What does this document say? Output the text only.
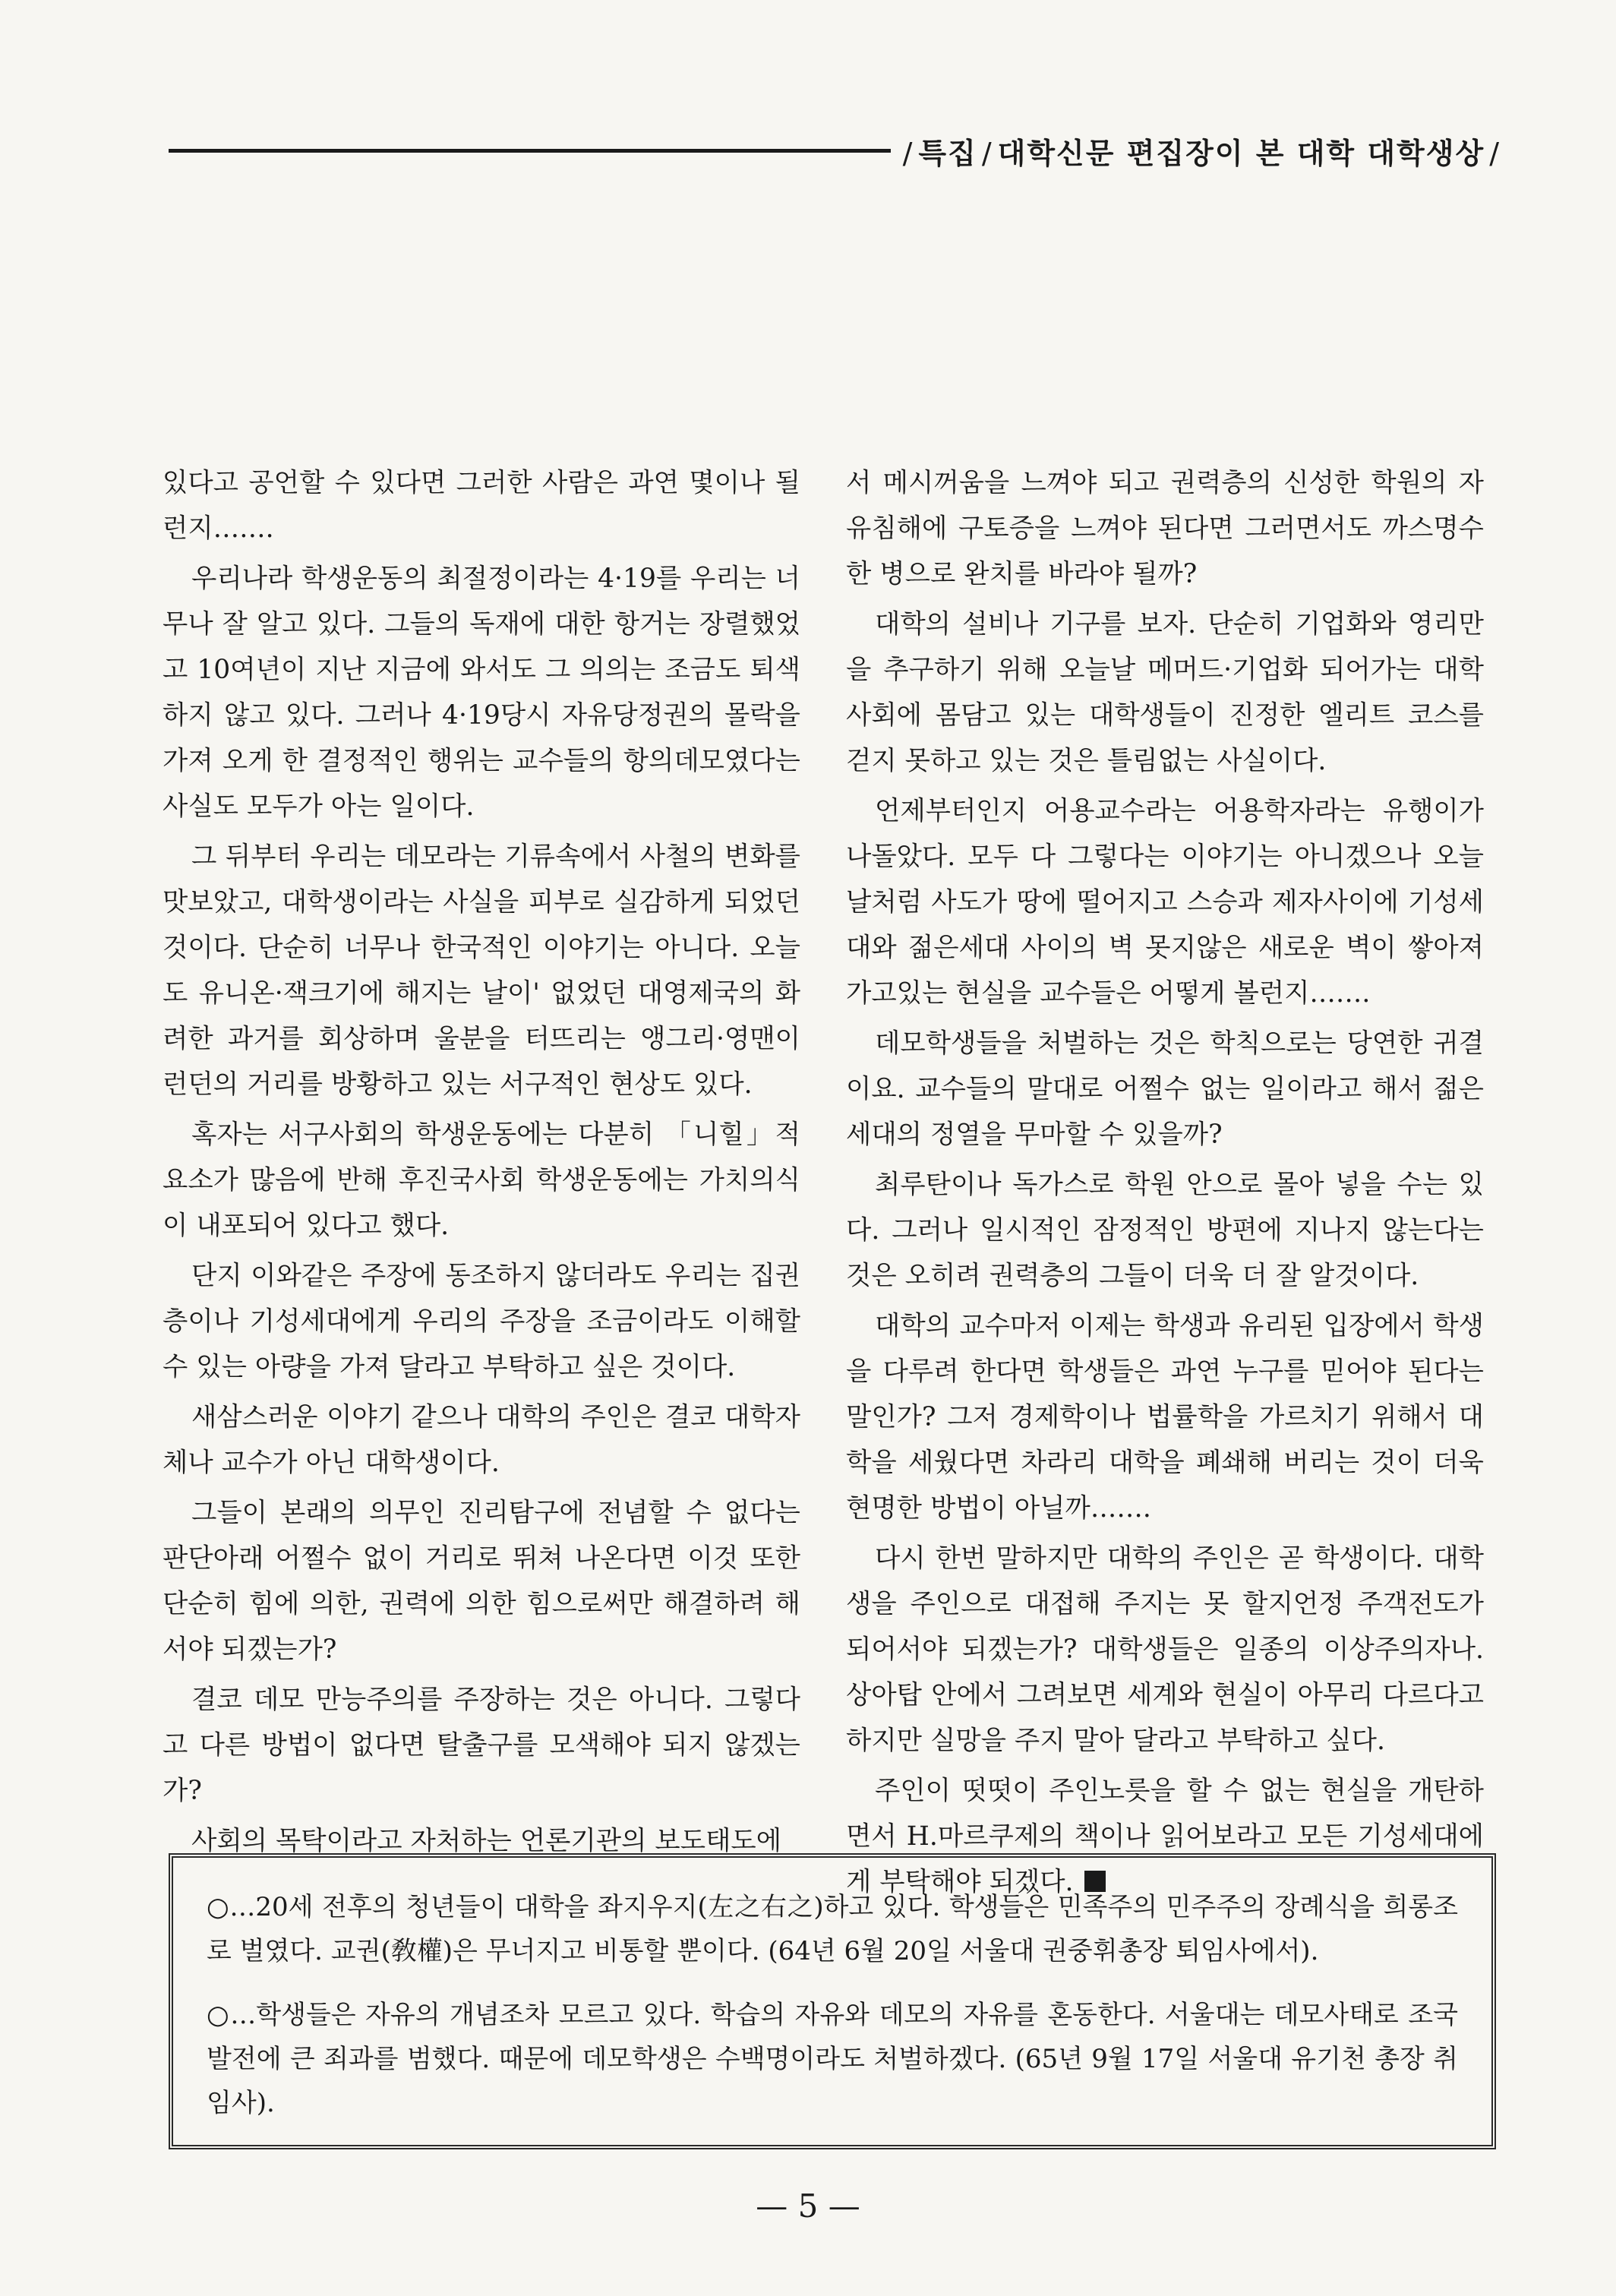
/ 특집 / 대학신문 편집장이 본 대학 대학생상 /

있다고 공언할 수 있다면 그러한 사람은 과연 몇이나 될런지…….

우리나라 학생운동의 최절정이라는 4·19를 우리는 너무나 잘 알고 있다. 그들의 독재에 대한 항거는 장렬했었고 10여년이 지난 지금에 와서도 그 의의는 조금도 퇴색하지 않고 있다. 그러나 4·19당시 자유당정권의 몰락을 가져 오게 한 결정적인 행위는 교수들의 항의데모였다는 사실도 모두가 아는 일이다.

그 뒤부터 우리는 데모라는 기류속에서 사철의 변화를 맛보았고, 대학생이라는 사실을 피부로 실감하게 되었던 것이다. 단순히 너무나 한국적인 이야기는 아니다. 오늘도 유니온·잭크기에 해지는 날이' 없었던 대영제국의 화려한 과거를 회상하며 울분을 터뜨리는 앵그리·영맨이 런던의 거리를 방황하고 있는 서구적인 현상도 있다.

혹자는 서구사회의 학생운동에는 다분히 「니힐」적 요소가 많음에 반해 후진국사회 학생운동에는 가치의식이 내포되어 있다고 했다.

단지 이와같은 주장에 동조하지 않더라도 우리는 집권층이나 기성세대에게 우리의 주장을 조금이라도 이해할 수 있는 아량을 가져 달라고 부탁하고 싶은 것이다.

새삼스러운 이야기 같으나 대학의 주인은 결코 대학자체나 교수가 아닌 대학생이다.

그들이 본래의 의무인 진리탐구에 전념할 수 없다는 판단아래 어쩔수 없이 거리로 뛰쳐 나온다면 이것 또한 단순히 힘에 의한, 권력에 의한 힘으로써만 해결하려 해서야 되겠는가?

결코 데모 만능주의를 주장하는 것은 아니다. 그렇다고 다른 방법이 없다면 탈출구를 모색해야 되지 않겠는가?

사회의 목탁이라고 자처하는 언론기관의 보도태도에

서 메시꺼움을 느껴야 되고 권력층의 신성한 학원의 자유침해에 구토증을 느껴야 된다면 그러면서도 까스명수 한 병으로 완치를 바라야 될까?

대학의 설비나 기구를 보자. 단순히 기업화와 영리만을 추구하기 위해 오늘날 메머드·기업화 되어가는 대학사회에 몸담고 있는 대학생들이 진정한 엘리트 코스를 걷지 못하고 있는 것은 틀림없는 사실이다.

언제부터인지 어용교수라는 어용학자라는 유행이가 나돌았다. 모두 다 그렇다는 이야기는 아니겠으나 오늘날처럼 사도가 땅에 떨어지고 스승과 제자사이에 기성세대와 젊은세대 사이의 벽 못지않은 새로운 벽이 쌓아져 가고있는 현실을 교수들은 어떻게 볼런지…….

데모학생들을 처벌하는 것은 학칙으로는 당연한 귀결이요. 교수들의 말대로 어쩔수 없는 일이라고 해서 젊은세대의 정열을 무마할 수 있을까?

최루탄이나 독가스로 학원 안으로 몰아 넣을 수는 있다. 그러나 일시적인 잠정적인 방편에 지나지 않는다는 것은 오히려 권력층의 그들이 더욱 더 잘 알것이다.

대학의 교수마저 이제는 학생과 유리된 입장에서 학생을 다루려 한다면 학생들은 과연 누구를 믿어야 된다는 말인가? 그저 경제학이나 법률학을 가르치기 위해서 대학을 세웠다면 차라리 대학을 폐쇄해 버리는 것이 더욱 현명한 방법이 아닐까…….

다시 한번 말하지만 대학의 주인은 곧 학생이다. 대학생을 주인으로 대접해 주지는 못 할지언정 주객전도가 되어서야 되겠는가? 대학생들은 일종의 이상주의자나. 상아탑 안에서 그려보면 세계와 현실이 아무리 다르다고 하지만 실망을 주지 말아 달라고 부탁하고 싶다.

주인이 떳떳이 주인노릇을 할 수 없는 현실을 개탄하면서 H.마르쿠제의 책이나 읽어보라고 모든 기성세대에게 부탁해야 되겠다.

○…20세 전후의 청년들이 대학을 좌지우지(左之右之)하고 있다. 학생들은 민족주의 민주주의 장례식을 희롱조로 벌였다. 교권(敎權)은 무너지고 비통할 뿐이다. (64년 6월 20일 서울대 권중휘총장 퇴임사에서).

○…학생들은 자유의 개념조차 모르고 있다. 학습의 자유와 데모의 자유를 혼동한다. 서울대는 데모사태로 조국발전에 큰 죄과를 범했다. 때문에 데모학생은 수백명이라도 처벌하겠다. (65년 9월 17일 서울대 유기천 총장 취임사).

— 5 —
